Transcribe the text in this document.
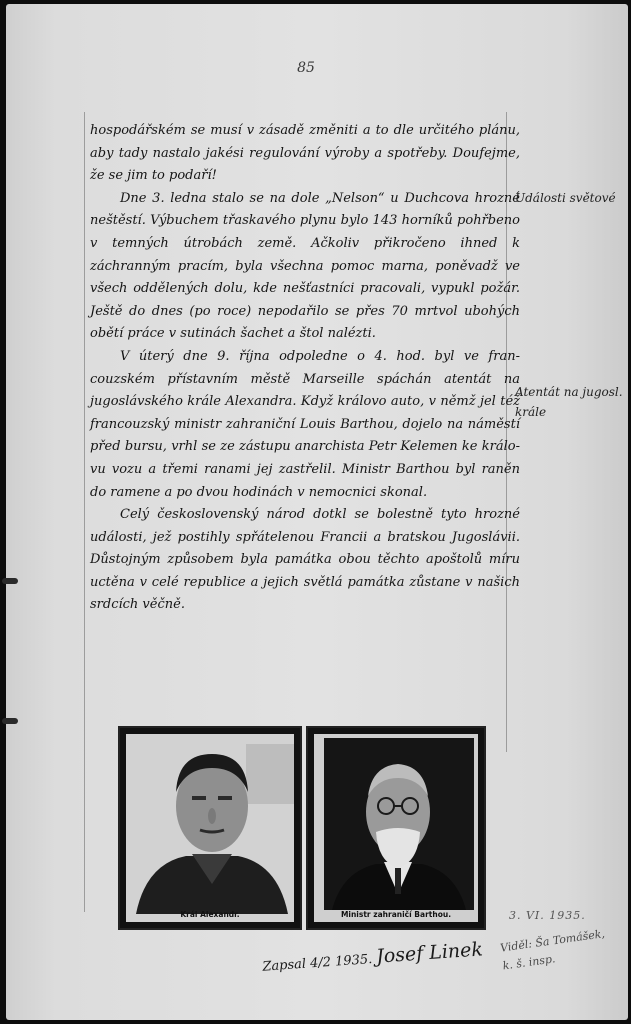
85

hospodářském se musí v zásadě změniti a to dle určitého plánu, aby tady nastalo jakési regulování výroby a spotřeby. Doufejme, že se jim to podaří!

Dne 3. ledna stalo se na dole „Nelson“ u Duchcova hrozné neštěstí. Výbuchem třaskavého plynu bylo 143 horníků pohřbeno v temných útrobách země. Ačkoliv přikročeno ihned k záchranným pracím, byla všechna pomoc marna, poněvadž ve všech oddělených dolu, kde nešťastníci pracovali, vypukl požár. Ještě do dnes (po roce) nepodařilo se přes 70 mrtvol ubohých obětí práce v sutinách šachet a štol nalézti.

V úterý dne 9. října odpoledne o 4. hod. byl ve francouzském přístavním městě Marseille spáchán atentát na jugoslávského krále Alexandra. Když královo auto, v němž jel též francouzský ministr zahraniční Louis Barthou, dojelo na náměstí před bursu, vrhl se ze zástupu anarchista Petr Kelemen ke královu vozu a třemi ranami jej zastřelil. Ministr Barthou byl raněn do ramene a po dvou hodinách v nemocnici skonal.

Celý československý národ dotkl se bolestně tyto hrozné události, jež postihly spřátelenou Francii a bratskou Jugoslávii. Důstojným způsobem byla památka obou těchto apoštolů míru uctěna v celé republice a jejich světlá památka zůstane v našich srdcích věčně.

Události světové
Atentát na jugosl. krále
Král Alexandr.	Ministr zahraničí Barthou.
Zapsal 4/2 1935. Josef Linek
3. VI. 1935.
Viděl: Ša Tomášek, k. š. insp.
